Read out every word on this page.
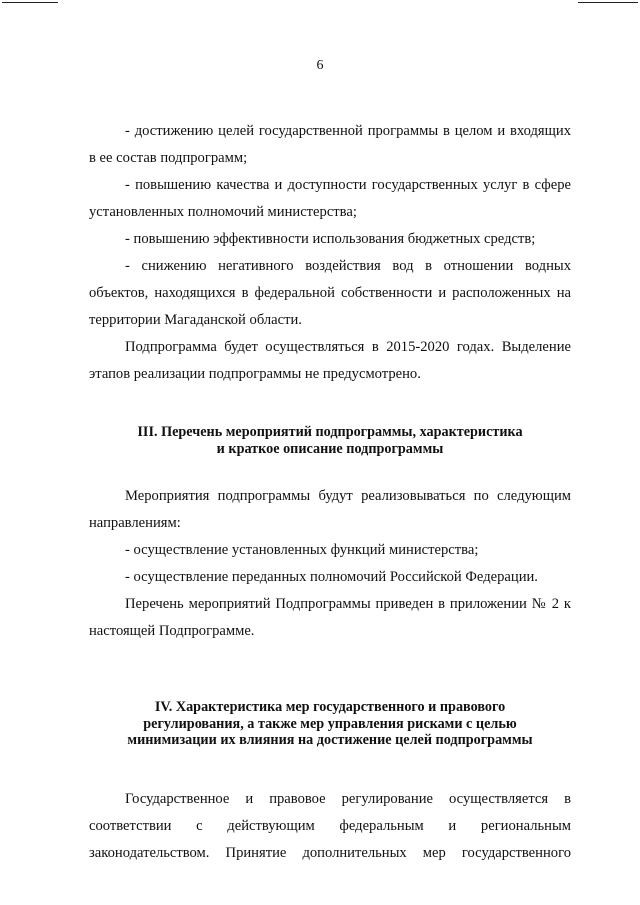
6

- достижению целей государственной программы в целом и входящих в ее состав подпрограмм;

- повышению качества и доступности государственных услуг в сфере установленных полномочий министерства;

- повышению эффективности использования бюджетных средств;

- снижению негативного воздействия вод в отношении водных объектов, находящихся в федеральной собственности и расположенных на территории Магаданской области.

Подпрограмма будет осуществляться в 2015-2020 годах. Выделение этапов реализации подпрограммы не предусмотрено.

III. Перечень мероприятий подпрограммы, характеристика

и краткое описание подпрограммы

Мероприятия подпрограммы будут реализовываться по следующим направлениям:

- осуществление установленных функций министерства;

- осуществление переданных полномочий Российской Федерации.

Перечень мероприятий Подпрограммы приведен в приложении № 2 к настоящей Подпрограмме.

IV. Характеристика мер государственного и правового

регулирования, а также мер управления рисками с целью

минимизации их влияния на достижение целей подпрограммы

Государственное и правовое регулирование осуществляется в соответствии с действующим федеральным и региональным законодательством. Принятие дополнительных мер государственного
